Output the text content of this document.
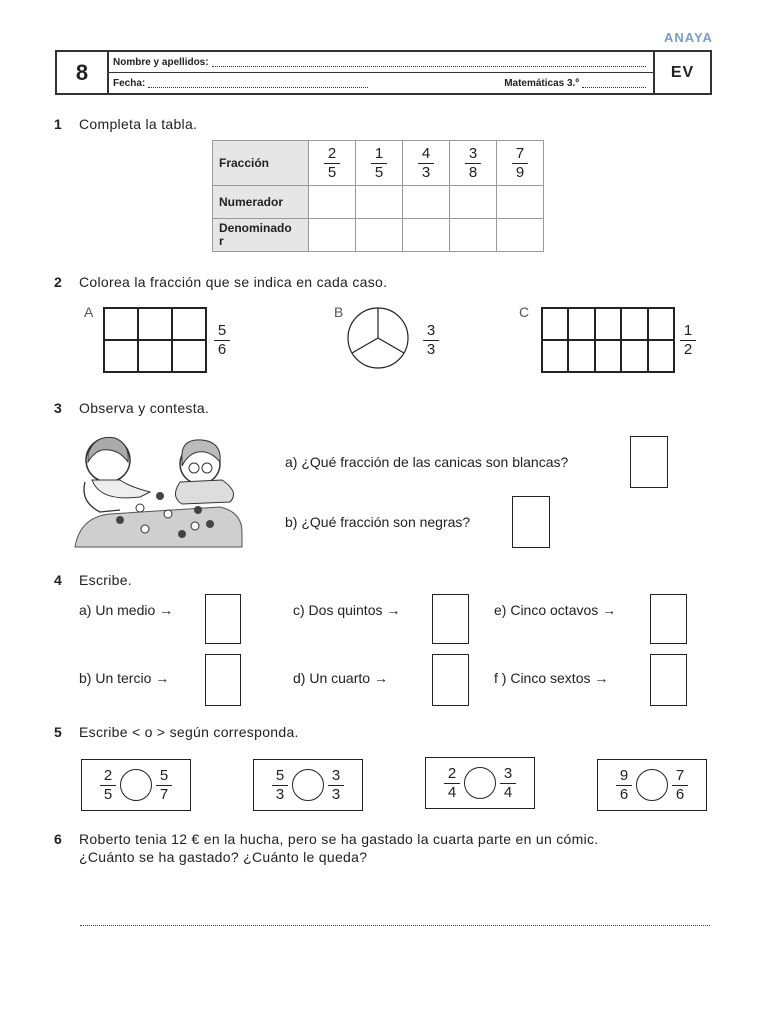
ANAYA
8	Nombre y apellidos:
Fecha:	Matemáticas 3.º
EV
1 Completa la tabla.
Fracción	$\frac{2}{5}$	$\frac{1}{5}$	$\frac{4}{3}$	$\frac{3}{8}$	$\frac{7}{9}$

Numerador					
Denominado
r					
2 Colorea la fracción que se indica en cada caso.
A
$\frac{5}{6}$
B
$\frac{3}{3}$
C
$\frac{1}{2}$
3 Observa y contesta.
a) ¿Qué fracción de las canicas son blancas?
b) ¿Qué fracción son negras?
4 Escribe.
a) Un medio →
b) Un tercio →
c) Dos quintos →
d) Un cuarto →
e) Cinco octavos →
f ) Cinco sextos →
5 Escribe < o > según corresponda.
$\frac{2}{5}$	$\frac{5}{7}$	$\frac{5}{3}$	$\frac{3}{3}$	$\frac{2}{4}$	$\frac{3}{4}$	$\frac{9}{6}$	$\frac{7}{6}$
6 Roberto tenia 12 € en la hucha, pero se ha gastado la cuarta parte en un cómic.
¿Cuánto se ha gastado? ¿Cuánto le queda?
